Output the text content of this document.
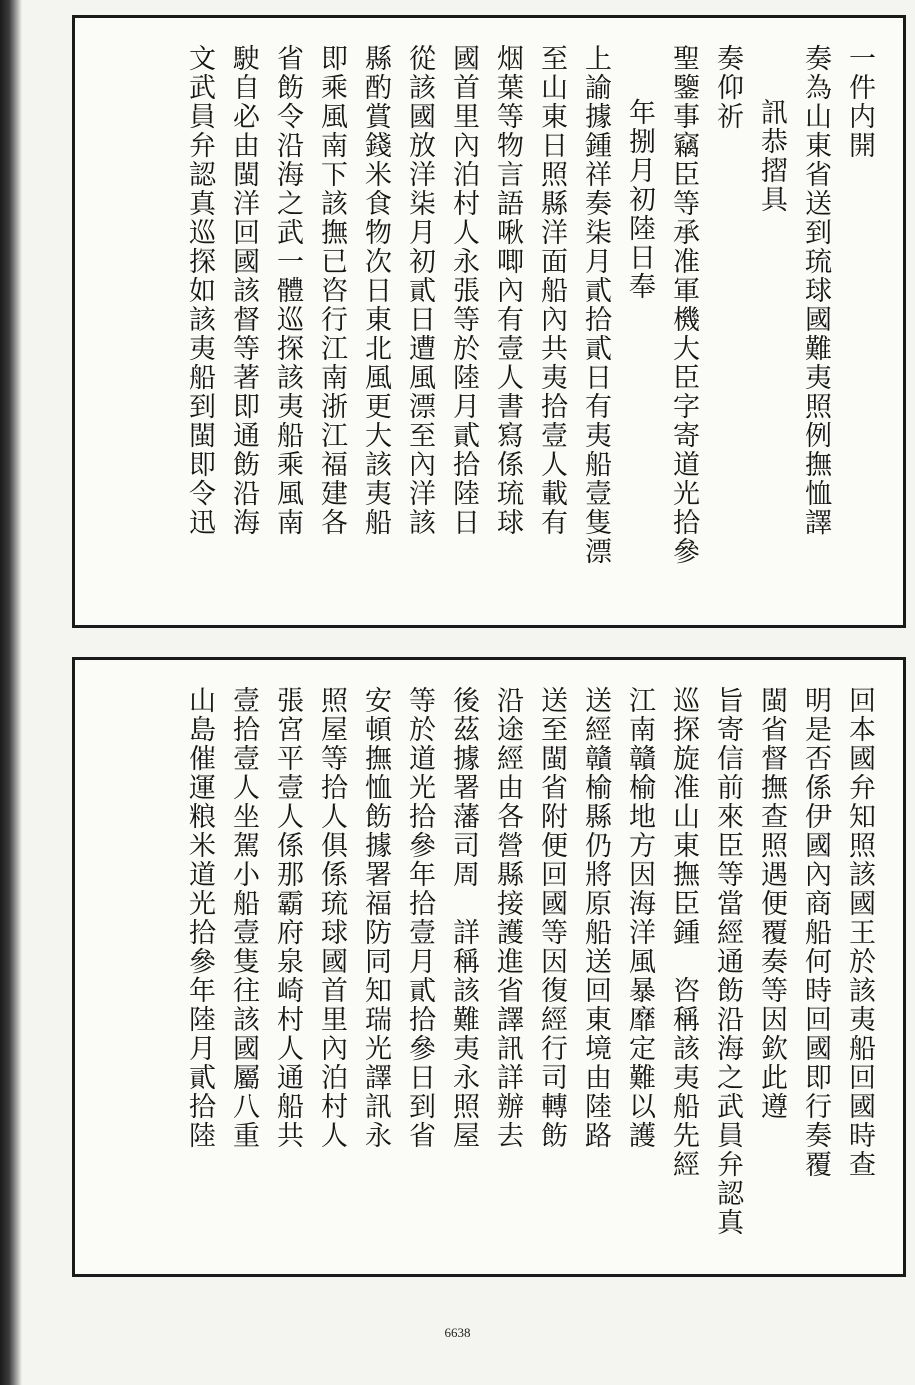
一件内開
奏為山東省送到琉球國難夷照例撫恤譯
訊恭摺具
奏仰祈
聖鑒事竊臣等承准軍機大臣字寄道光拾參
年捌月初陸日奉
上諭據鍾祥奏柒月貳拾貳日有夷船壹隻漂
至山東日照縣洋面船內共夷拾壹人載有
烟葉等物言語啾唧內有壹人書寫係琉球
國首里內泊村人永張等於陸月貳拾陸日
從該國放洋柒月初貳日遭風漂至內洋該
縣酌賞錢米食物次日東北風更大該夷船
即乘風南下該撫已咨行江南浙江福建各
省飭令沿海之武一體巡探該夷船乘風南
駛自必由閩洋回國該督等著即通飭沿海
文武員弁認真巡探如該夷船到閩即令迅
回本國弁知照該國王於該夷船回國時查
明是否係伊國內商船何時回國即行奏覆
閩省督撫查照遇便覆奏等因欽此遵
旨寄信前來臣等當經通飭沿海之武員弁認真
巡探旋准山東撫臣鍾　咨稱該夷船先經
江南贛榆地方因海洋風暴靡定難以護
送經贛榆縣仍將原船送回東境由陸路
送至閩省附便回國等因復經行司轉飭
沿途經由各營縣接護進省譯訊詳辦去
後茲據署藩司周　詳稱該難夷永照屋
等於道光拾參年拾壹月貳拾參日到省
安頓撫恤飭據署福防同知瑞光譯訊永
照屋等拾人俱係琉球國首里內泊村人
張宮平壹人係那霸府泉崎村人通船共
壹拾壹人坐駕小船壹隻往該國屬八重
山島催運粮米道光拾參年陸月貳拾陸
6638
